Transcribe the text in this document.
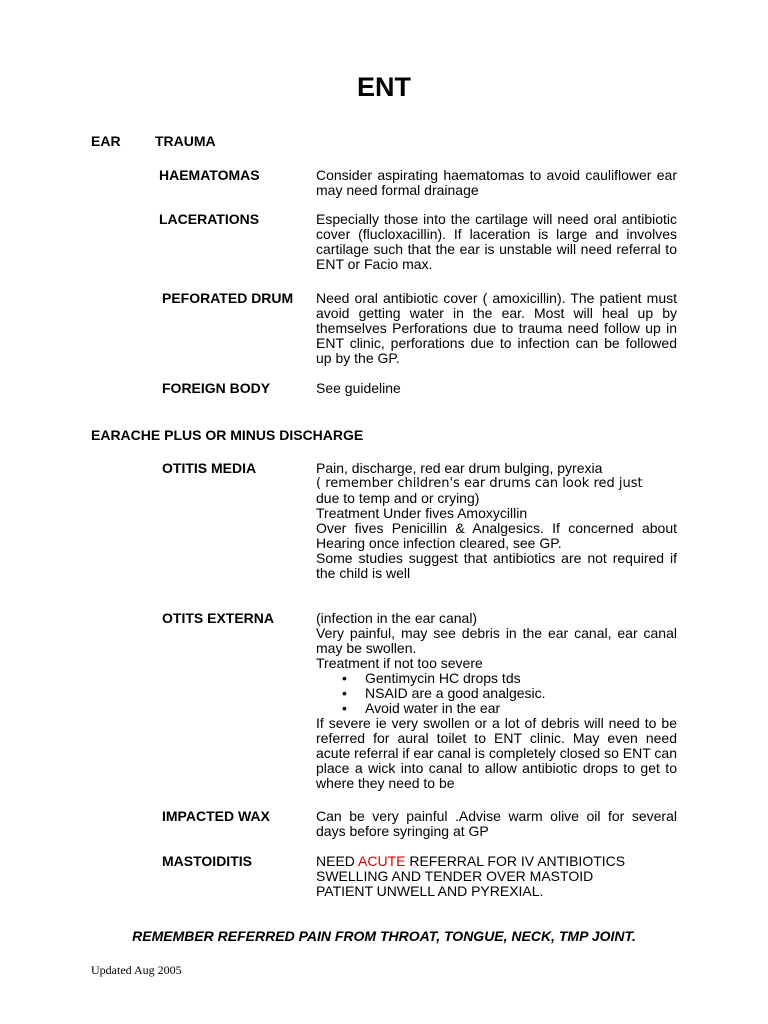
ENT
EAR TRAUMA
HAEMATOMAS	Consider aspirating haematomas to avoid cauliflower ear may need formal drainage
LACERATIONS	Especially those into the cartilage will need oral antibiotic cover (flucloxacillin). If laceration is large and involves cartilage such that the ear is unstable will need referral to ENT or Facio max.
PEFORATED DRUM Need oral antibiotic cover ( amoxicillin). The patient must avoid getting water in the ear. Most will heal up by themselves Perforations due to trauma need follow up in ENT clinic, perforations due to infection can be followed up by the GP.
FOREIGN BODY	See guideline
EARACHE PLUS OR MINUS DISCHARGE
OTITIS MEDIA	Pain, discharge, red ear drum bulging, pyrexia
( remember children's ear drums can look red just
due to temp and or crying)
Treatment Under fives Amoxycillin
Over fives Penicillin & Analgesics. If concerned about Hearing once infection cleared, see GP.
Some studies suggest that antibiotics are not required if the child is well
OTITS EXTERNA	(infection in the ear canal)
Very painful, may see debris in the ear canal, ear canal may be swollen.
Treatment if not too severe
• Gentimycin HC drops tds
• NSAID are a good analgesic.
• Avoid water in the ear
If severe ie very swollen or a lot of debris will need to be referred for aural toilet to ENT clinic. May even need acute referral if ear canal is completely closed so ENT can place a wick into canal to allow antibiotic drops to get to where they need to be
IMPACTED WAX	Can be very painful .Advise warm olive oil for several days before syringing at GP
MASTOIDITIS	NEED ACUTE REFERRAL FOR IV ANTIBIOTICS
SWELLING AND TENDER OVER MASTOID
PATIENT UNWELL AND PYREXIAL.
REMEMBER REFERRED PAIN FROM THROAT, TONGUE, NECK, TMP JOINT.
Updated Aug 2005
